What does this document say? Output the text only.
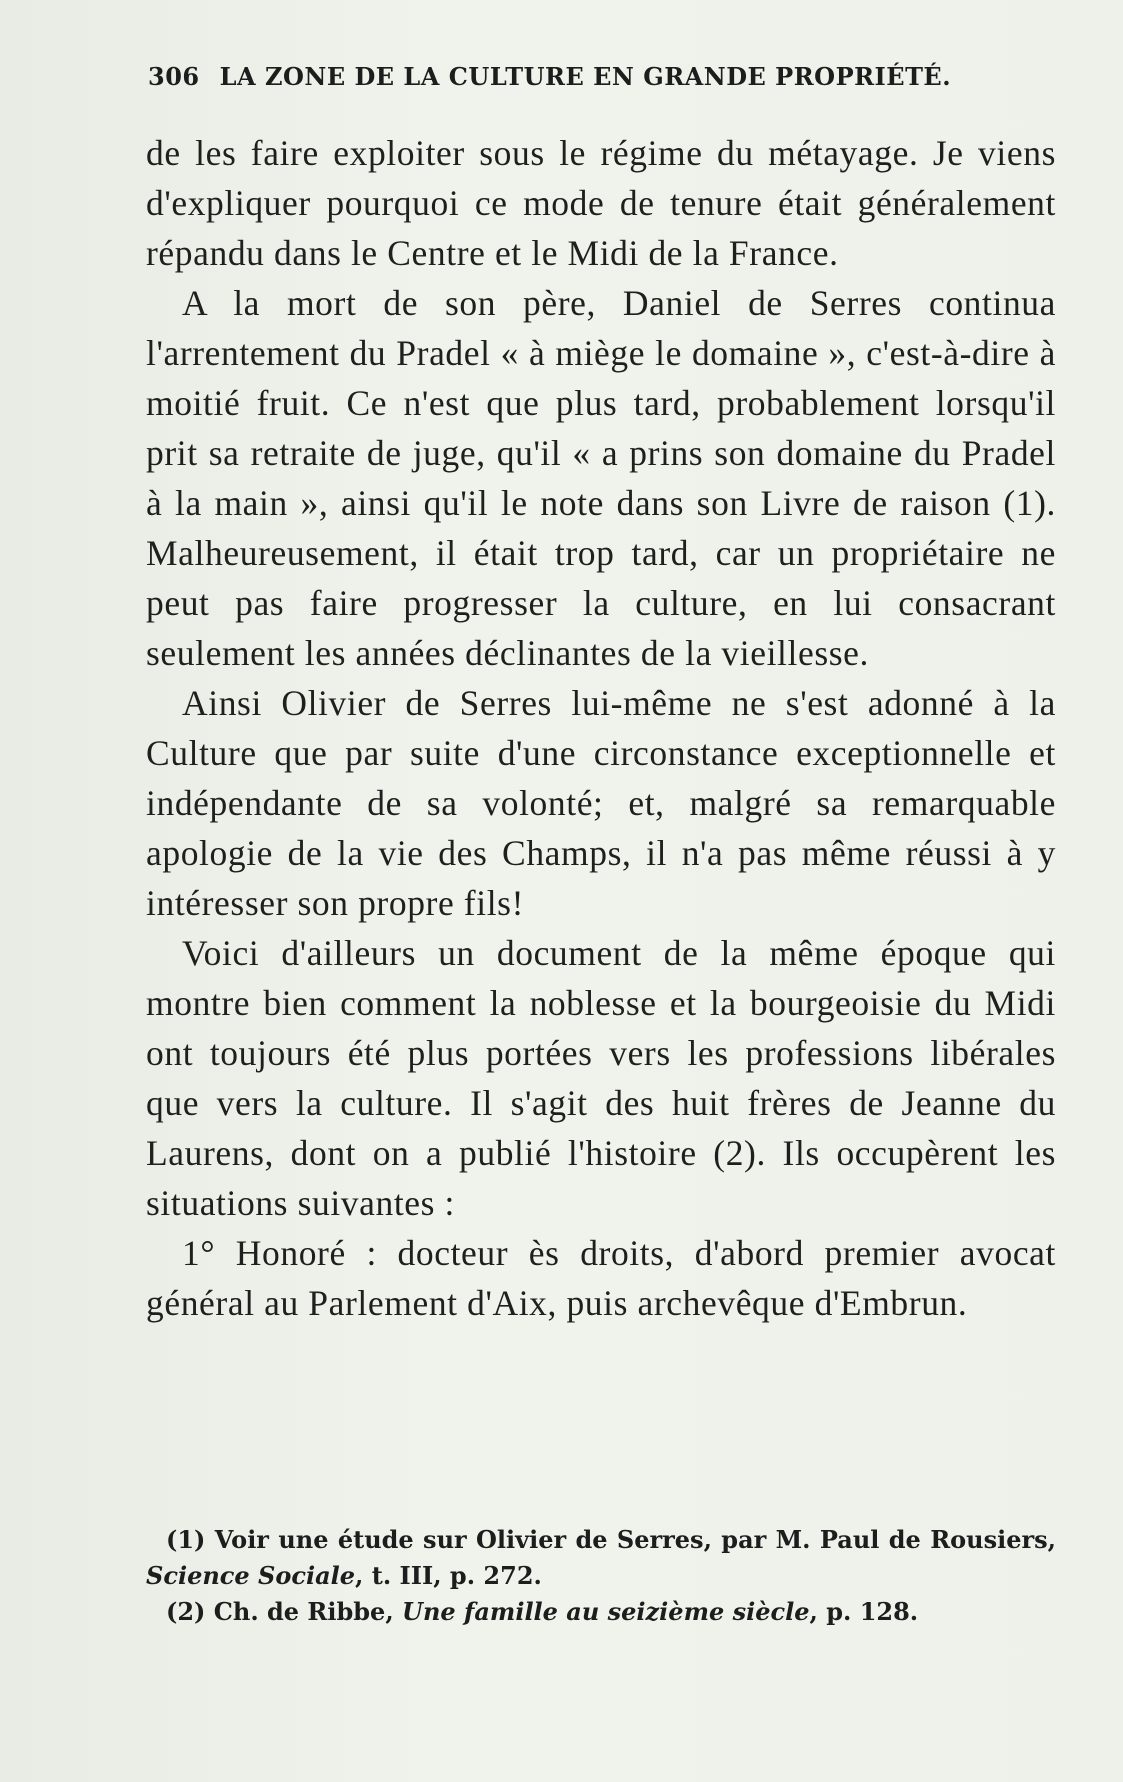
306 LA ZONE DE LA CULTURE EN GRANDE PROPRIÉTÉ.

de les faire exploiter sous le régime du métayage. Je viens d'expliquer pourquoi ce mode de tenure était généralement répandu dans le Centre et le Midi de la France.

A la mort de son père, Daniel de Serres continua l'arrentement du Pradel « à miège le domaine », c'est-à-dire à moitié fruit. Ce n'est que plus tard, probablement lorsqu'il prit sa retraite de juge, qu'il « a prins son domaine du Pradel à la main », ainsi qu'il le note dans son Livre de raison (1). Malheureusement, il était trop tard, car un propriétaire ne peut pas faire progresser la culture, en lui consacrant seulement les années déclinantes de la vieillesse.

Ainsi Olivier de Serres lui-même ne s'est adonné à la Culture que par suite d'une circonstance exceptionnelle et indépendante de sa volonté; et, malgré sa remarquable apologie de la vie des Champs, il n'a pas même réussi à y intéresser son propre fils!

Voici d'ailleurs un document de la même époque qui montre bien comment la noblesse et la bourgeoisie du Midi ont toujours été plus portées vers les professions libérales que vers la culture. Il s'agit des huit frères de Jeanne du Laurens, dont on a publié l'histoire (2). Ils occupèrent les situations suivantes :

1° Honoré : docteur ès droits, d'abord premier avocat général au Parlement d'Aix, puis archevêque d'Embrun.

(1) Voir une étude sur Olivier de Serres, par M. Paul de Rousiers, Science Sociale, t. III, p. 272.

(2) Ch. de Ribbe, Une famille au seizième siècle, p. 128.
